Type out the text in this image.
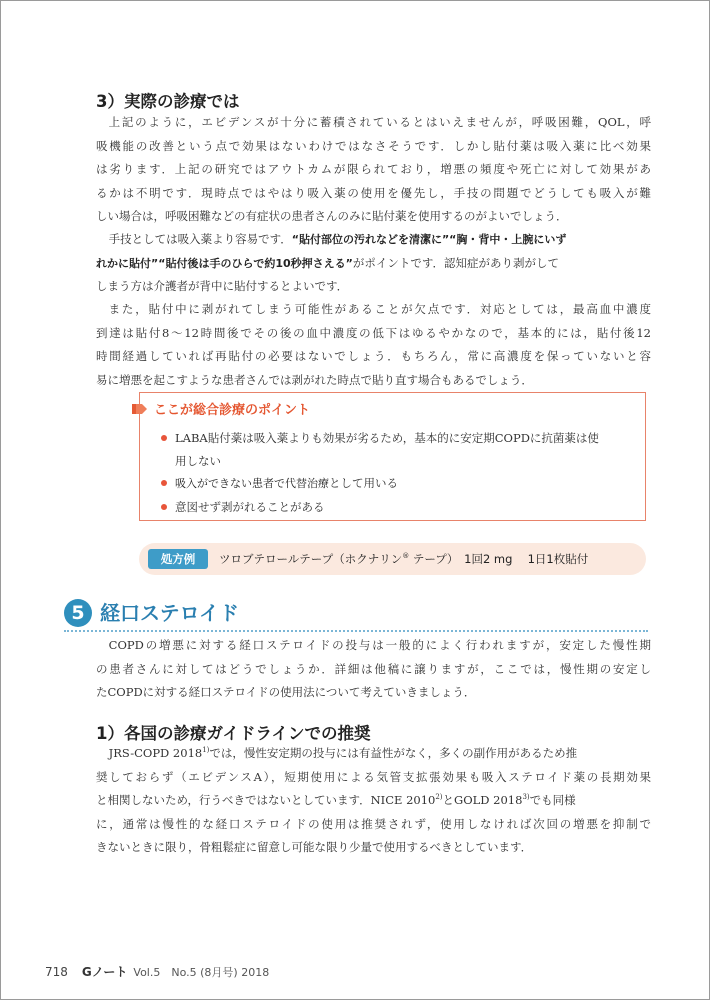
3）実際の診療では

上記のように，エビデンスが十分に蓄積されているとはいえませんが，呼吸困難，QOL，呼
吸機能の改善という点で効果はないわけではなさそうです．しかし貼付薬は吸入薬に比べ効果
は劣ります．上記の研究ではアウトカムが限られており，増悪の頻度や死亡に対して効果があ
るかは不明です．現時点ではやはり吸入薬の使用を優先し，手技の問題でどうしても吸入が難
しい場合は，呼吸困難などの有症状の患者さんのみに貼付薬を使用するのがよいでしょう．

手技としては吸入薬より容易です．“貼付部位の汚れなどを清潔に”“胸・背中・上腕にいず
れかに貼付”“貼付後は手のひらで約10秒押さえる”がポイントです．認知症があり剥がして
しまう方は介護者が背中に貼付するとよいです．

また，貼付中に剥がれてしまう可能性があることが欠点です．対応としては，最高血中濃度
到達は貼付8～12時間後でその後の血中濃度の低下はゆるやかなので，基本的には，貼付後12
時間経過していれば再貼付の必要はないでしょう．もちろん，常に高濃度を保っていないと容
易に増悪を起こすような患者さんでは剥がれた時点で貼り直す場合もあるでしょう．

ここが総合診療のポイント

LABA貼付薬は吸入薬よりも効果が劣るため，基本的に安定期COPDに抗菌薬は使
用しない
吸入ができない患者で代替治療として用いる
意図せず剥がれることがある
処方例	ツロブテロールテープ（ホクナリン® テープ）　1回2 mg　 1日1枚貼付

5 経口ステロイド

COPDの増悪に対する経口ステロイドの投与は一般的によく行われますが，安定した慢性期
の患者さんに対してはどうでしょうか．詳細は他稿に譲りますが，ここでは，慢性期の安定し
たCOPDに対する経口ステロイドの使用法について考えていきましょう．

1）各国の診療ガイドラインでの推奨

JRS-COPD 2018$^{1)}$では，慢性安定期の投与には有益性がなく，多くの副作用があるため推
奨しておらず（エビデンスA），短期使用による気管支拡張効果も吸入ステロイド薬の長期効果
と相関しないため，行うべきではないとしています．NICE 2010$^{2)}$とGOLD 2018$^{3)}$でも同様
に，通常は慢性的な経口ステロイドの使用は推奨されず，使用しなければ次回の増悪を抑制で
きないときに限り，骨粗鬆症に留意し可能な限り少量で使用するべきとしています．

718 Gノート Vol.5　No.5 (8月号) 2018
